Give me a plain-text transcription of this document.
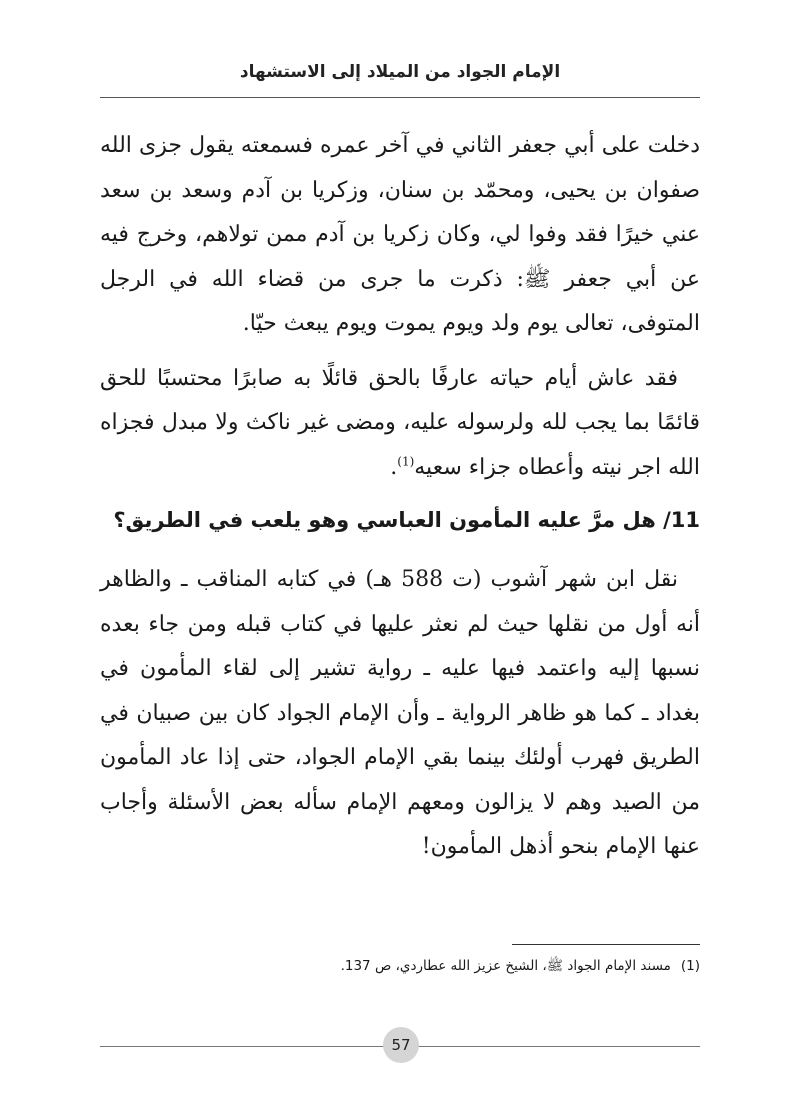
الإمام الجواد من الميلاد إلى الاستشهاد

دخلت على أبي جعفر الثاني في آخر عمره فسمعته يقول جزى الله صفوان بن يحيى، ومحمّد بن سنان، وزكريا بن آدم وسعد بن سعد عني خيرًا فقد وفوا لي، وكان زكريا بن آدم ممن تولاهم، وخرج فيه عن أبي جعفر ﷺ: ذكرت ما جرى من قضاء الله في الرجل المتوفى، تعالى يوم ولد ويوم يموت ويوم يبعث حيّا.

فقد عاش أيام حياته عارفًا بالحق قائلًا به صابرًا محتسبًا للحق قائمًا بما يجب لله ولرسوله عليه، ومضى غير ناكث ولا مبدل فجزاه الله اجر نيته وأعطاه جزاء سعيه$^{(1)}$.

11/ هل مرَّ عليه المأمون العباسي وهو يلعب في الطريق؟

نقل ابن شهر آشوب (ت 588 هـ) في كتابه المناقب ـ والظاهر أنه أول من نقلها حيث لم نعثر عليها في كتاب قبله ومن جاء بعده نسبها إليه واعتمد فيها عليه ـ رواية تشير إلى لقاء المأمون في بغداد ـ كما هو ظاهر الرواية ـ وأن الإمام الجواد كان بين صبيان في الطريق فهرب أولئك بينما بقي الإمام الجواد، حتى إذا عاد المأمون من الصيد وهم لا يزالون ومعهم الإمام سأله بعض الأسئلة وأجاب عنها الإمام بنحو أذهل المأمون!

(1)مسند الإمام الجواد ﷺ، الشيخ عزيز الله عطاردي، ص 137.
57
